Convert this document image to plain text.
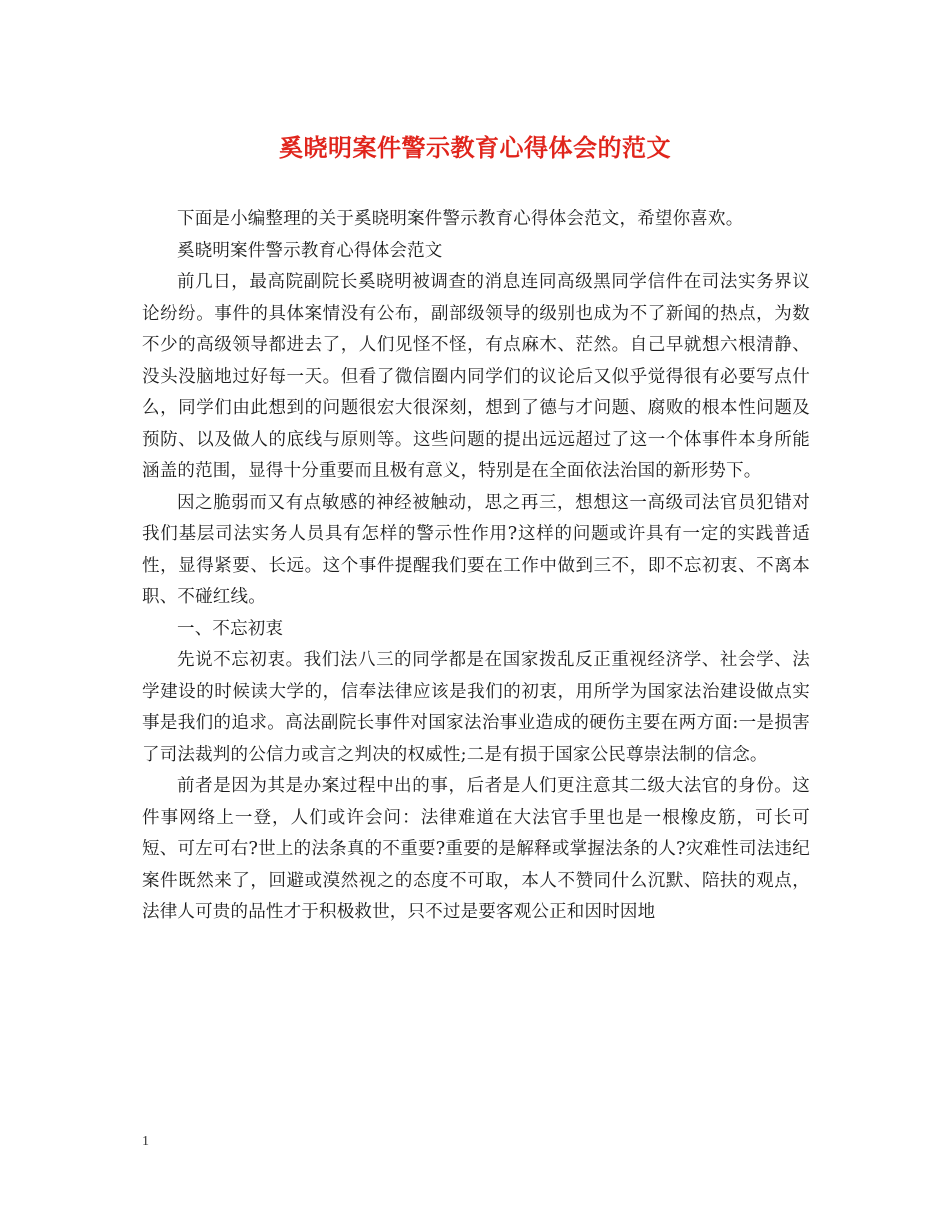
奚晓明案件警示教育心得体会的范文

下面是小编整理的关于奚晓明案件警示教育心得体会范文，希望你喜欢。

奚晓明案件警示教育心得体会范文

前几日，最高院副院长奚晓明被调查的消息连同高级黑同学信件在司法实务界议论纷纷。事件的具体案情没有公布，副部级领导的级别也成为不了新闻的热点，为数不少的高级领导都进去了，人们见怪不怪，有点麻木、茫然。自己早就想六根清静、没头没脑地过好每一天。但看了微信圈内同学们的议论后又似乎觉得很有必要写点什么，同学们由此想到的问题很宏大很深刻，想到了德与才问题、腐败的根本性问题及预防、以及做人的底线与原则等。这些问题的提出远远超过了这一个体事件本身所能涵盖的范围，显得十分重要而且极有意义，特别是在全面依法治国的新形势下。

因之脆弱而又有点敏感的神经被触动，思之再三，想想这一高级司法官员犯错对我们基层司法实务人员具有怎样的警示性作用?这样的问题或许具有一定的实践普适性，显得紧要、长远。这个事件提醒我们要在工作中做到三不，即不忘初衷、不离本职、不碰红线。

一、不忘初衷

先说不忘初衷。我们法八三的同学都是在国家拨乱反正重视经济学、社会学、法学建设的时候读大学的，信奉法律应该是我们的初衷，用所学为国家法治建设做点实事是我们的追求。高法副院长事件对国家法治事业造成的硬伤主要在两方面:一是损害了司法裁判的公信力或言之判决的权威性;二是有损于国家公民尊崇法制的信念。

前者是因为其是办案过程中出的事，后者是人们更注意其二级大法官的身份。这件事网络上一登，人们或许会问：法律难道在大法官手里也是一根橡皮筋，可长可短、可左可右?世上的法条真的不重要?重要的是解释或掌握法条的人?灾难性司法违纪案件既然来了，回避或漠然视之的态度不可取，本人不赞同什么沉默、陪扶的观点，法律人可贵的品性才于积极救世，只不过是要客观公正和因时因地

1
